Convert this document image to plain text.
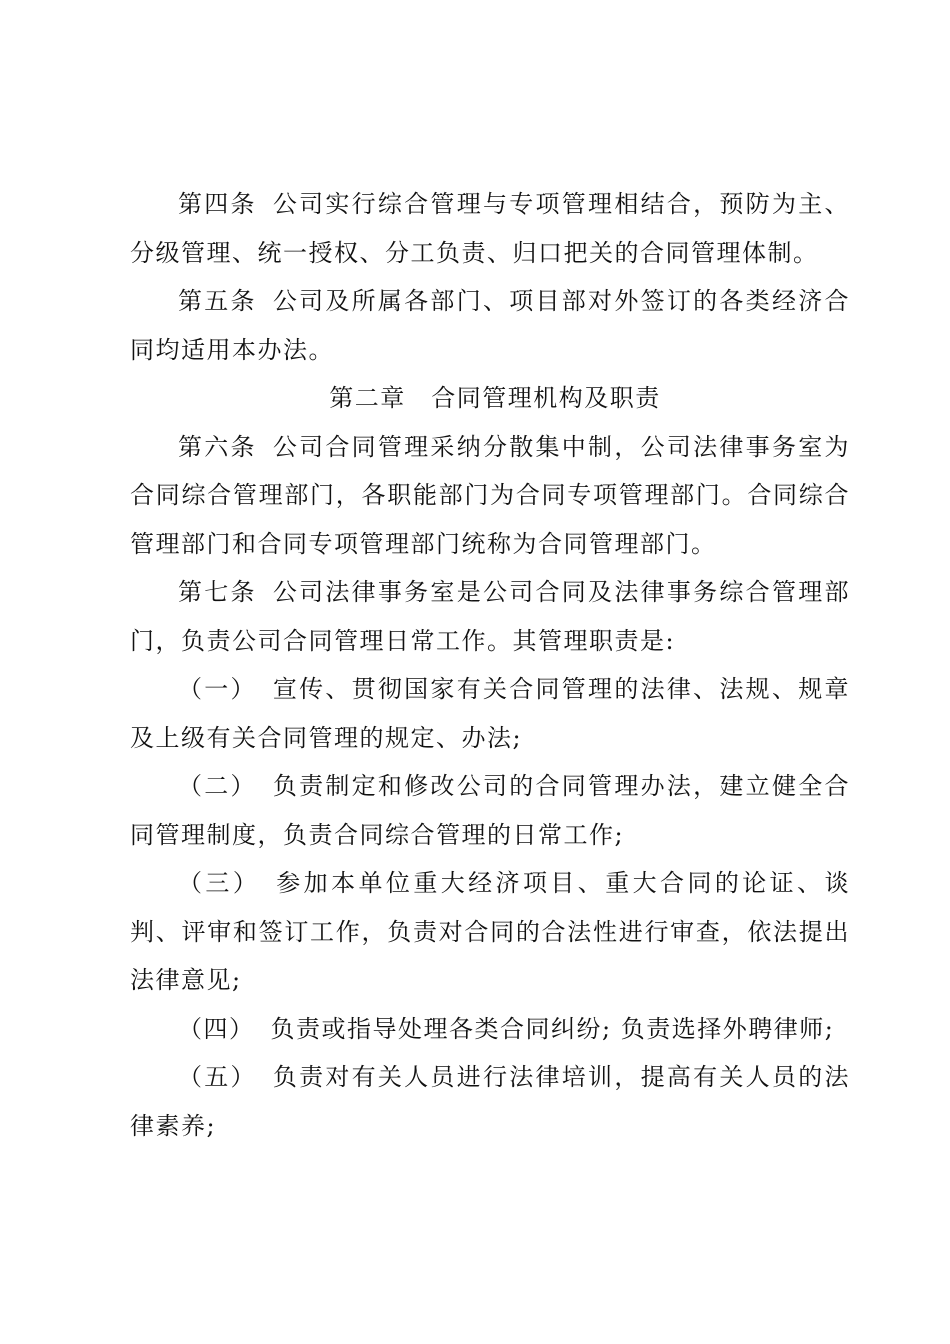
第四条 公司实行综合管理与专项管理相结合，预防为主、分级管理、统一授权、分工负责、归口把关的合同管理体制。

第五条 公司及所属各部门、项目部对外签订的各类经济合同均适用本办法。

第二章　合同管理机构及职责

第六条 公司合同管理采纳分散集中制，公司法律事务室为合同综合管理部门，各职能部门为合同专项管理部门。合同综合管理部门和合同专项管理部门统称为合同管理部门。

第七条 公司法律事务室是公司合同及法律事务综合管理部门，负责公司合同管理日常工作。其管理职责是:

（一） 宣传、贯彻国家有关合同管理的法律、法规、规章及上级有关合同管理的规定、办法;

（二） 负责制定和修改公司的合同管理办法，建立健全合同管理制度，负责合同综合管理的日常工作;

（三） 参加本单位重大经济项目、重大合同的论证、谈判、评审和签订工作，负责对合同的合法性进行审查，依法提出法律意见;

（四） 负责或指导处理各类合同纠纷; 负责选择外聘律师;

（五） 负责对有关人员进行法律培训，提高有关人员的法律素养;
